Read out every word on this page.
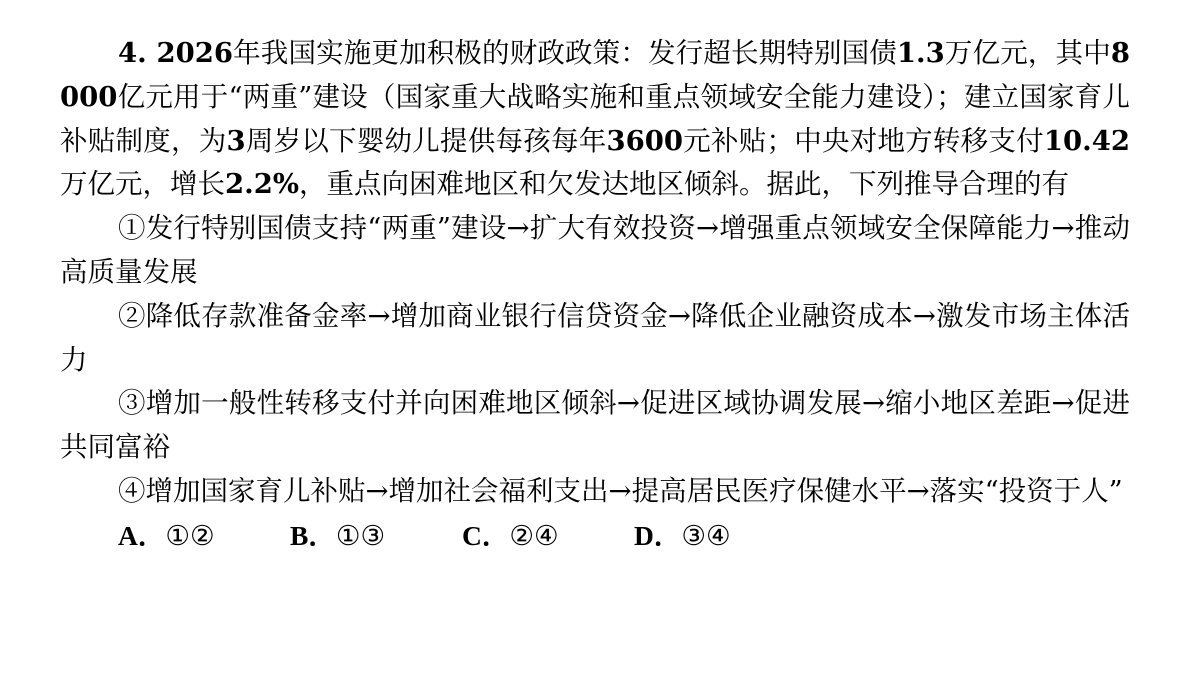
4. 2026年我国实施更加积极的财政政策：发行超长期特别国债1.3万亿元，其中8000亿元用于“两重”建设（国家重大战略实施和重点领域安全能力建设）；建立国家育儿补贴制度，为3周岁以下婴幼儿提供每孩每年3600元补贴；中央对地方转移支付10.42万亿元，增长2.2%，重点向困难地区和欠发达地区倾斜。据此，下列推导合理的有

①发行特别国债支持“两重”建设→扩大有效投资→增强重点领域安全保障能力→推动高质量发展

②降低存款准备金率→增加商业银行信贷资金→降低企业融资成本→激发市场主体活力

③增加一般性转移支付并向困难地区倾斜→促进区域协调发展→缩小地区差距→促进共同富裕

④增加国家育儿补贴→增加社会福利支出→提高居民医疗保健水平→落实“投资于人”

A．①②	B．①③	C．②④	D．③④
